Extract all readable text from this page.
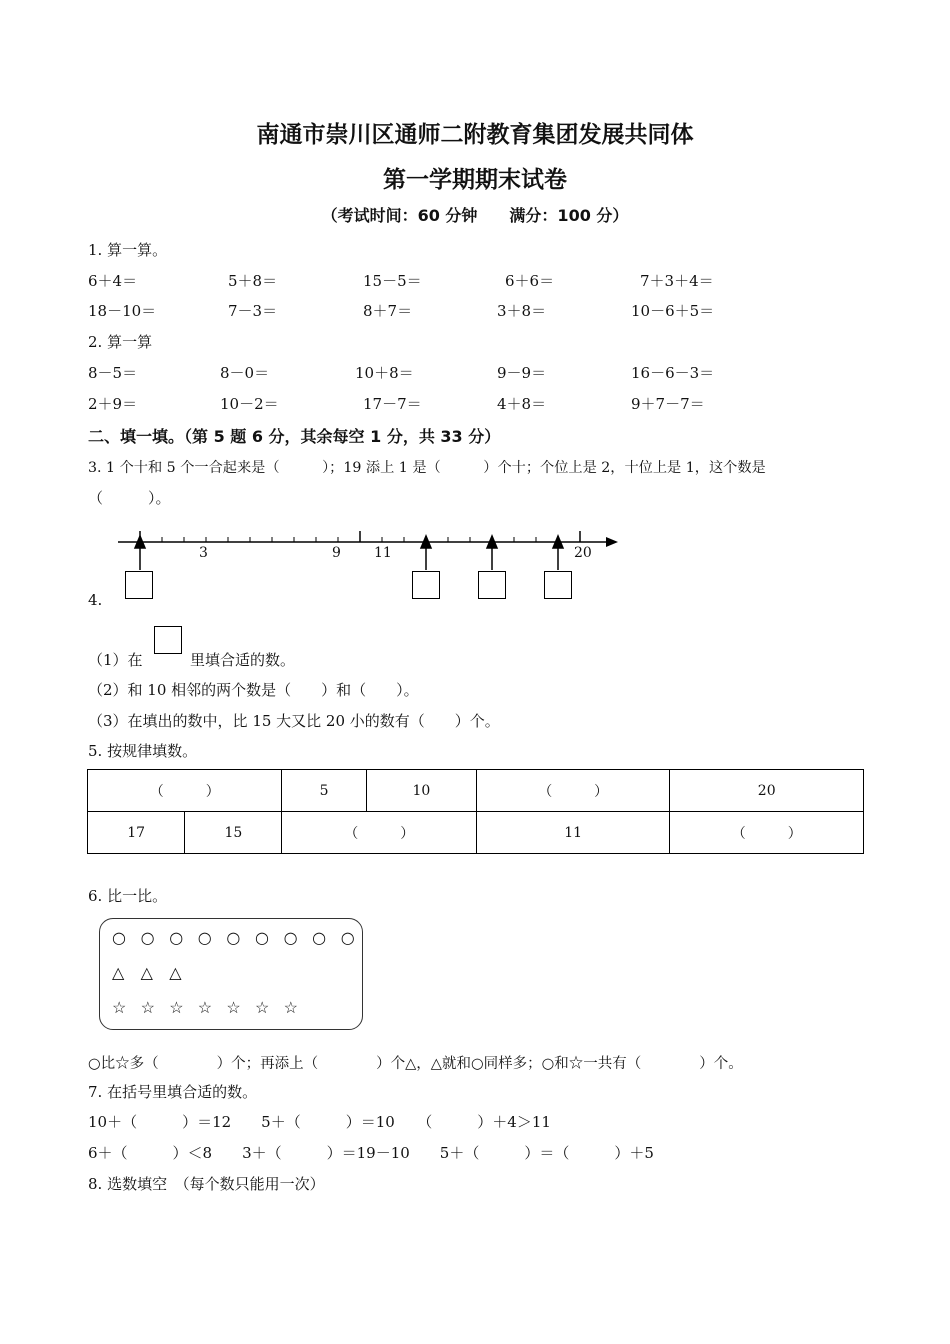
南通市崇川区通师二附教育集团发展共同体
第一学期期末试卷
（考试时间：60 分钟　　满分：100 分）
1. 算一算。
6＋4＝	5＋8＝	15－5＝	6＋6＝	7＋3＋4＝
18－10＝	7－3＝	8＋7＝	3＋8＝	10－6＋5＝
2. 算一算
8－5＝	8－0＝	10＋8＝	9－9＝	16－6－3＝
2＋9＝	10－2＝	17－7＝	4＋8＝	9＋7－7＝
二、填一填。（第 5 题 6 分，其余每空 1 分，共 33 分）
3. 1 个十和 5 个一合起来是（　　　）；19 添上 1 是（　　　）个十；个位上是 2，十位上是 1，这个数是
（　　　）。
3	9 11	20
4.
（1）在	里填合适的数。
（2）和 10 相邻的两个数是（　　）和（　　）。
（3）在填出的数中，比 15 大又比 20 小的数有（　　）个。
5. 按规律填数。
（　　　）		5	10	（　　　）	20
17	15	（　　　）		11	（　　　）
6. 比一比。
○ ○ ○ ○ ○ ○ ○ ○ ○
△ △ △
☆ ☆ ☆ ☆ ☆ ☆ ☆
○比☆多（　　　　）个；再添上（　　　　）个△，△就和○同样多；○和☆一共有（　　　　）个。
7. 在括号里填合适的数。
10＋（　　　）＝12　　5＋（　　　）＝10　　（　　　）＋4＞11
6＋（　　　）＜8　　3＋（　　　）＝19－10　　5＋（　　　）＝（　　　）＋5
8. 选数填空　（每个数只能用一次）
